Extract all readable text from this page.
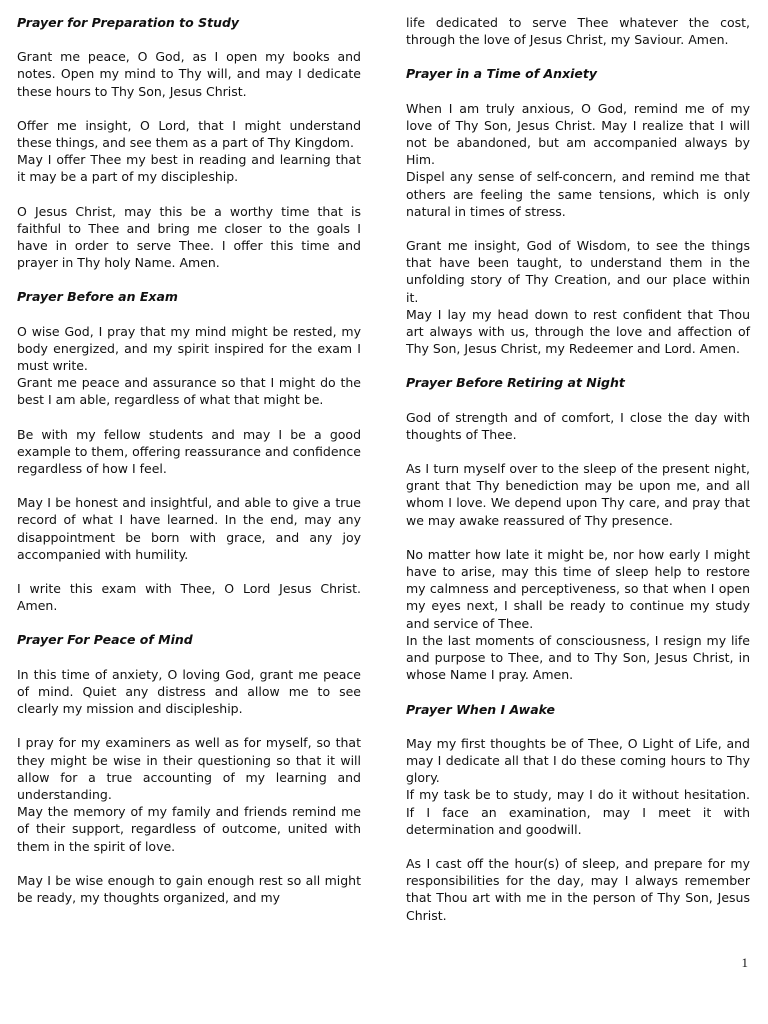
Prayer for Preparation to Study
Grant me peace, O God, as I open my books and notes. Open my mind to Thy will, and may I dedicate these hours to Thy Son, Jesus Christ.
Offer me insight, O Lord, that I might understand these things, and see them as a part of Thy Kingdom.
May I offer Thee my best in reading and learning that it may be a part of my discipleship.
O Jesus Christ, may this be a worthy time that is faithful to Thee and bring me closer to the goals I have in order to serve Thee. I offer this time and prayer in Thy holy Name. Amen.
Prayer Before an Exam
O wise God, I pray that my mind might be rested, my body energized, and my spirit inspired for the exam I must write.
Grant me peace and assurance so that I might do the best I am able, regardless of what that might be.
Be with my fellow students and may I be a good example to them, offering reassurance and confidence regardless of how I feel.
May I be honest and insightful, and able to give a true record of what I have learned. In the end, may any disappointment be born with grace, and any joy accompanied with humility.
I write this exam with Thee, O Lord Jesus Christ. Amen.
Prayer For Peace of Mind
In this time of anxiety, O loving God, grant me peace of mind. Quiet any distress and allow me to see clearly my mission and discipleship.
I pray for my examiners as well as for myself, so that they might be wise in their questioning so that it will allow for a true accounting of my learning and understanding.
May the memory of my family and friends remind me of their support, regardless of outcome, united with them in the spirit of love.
May I be wise enough to gain enough rest so all might be ready, my thoughts organized, and my
life dedicated to serve Thee whatever the cost, through the love of Jesus Christ, my Saviour. Amen.
Prayer in a Time of Anxiety
When I am truly anxious, O God, remind me of my love of Thy Son, Jesus Christ. May I realize that I will not be abandoned, but am accompanied always by Him.
Dispel any sense of self-concern, and remind me that others are feeling the same tensions, which is only natural in times of stress.
Grant me insight, God of Wisdom, to see the things that have been taught, to understand them in the unfolding story of Thy Creation, and our place within it.
May I lay my head down to rest confident that Thou art always with us, through the love and affection of Thy Son, Jesus Christ, my Redeemer and Lord. Amen.
Prayer Before Retiring at Night
God of strength and of comfort, I close the day with thoughts of Thee.
As I turn myself over to the sleep of the present night, grant that Thy benediction may be upon me, and all whom I love. We depend upon Thy care, and pray that we may awake reassured of Thy presence.
No matter how late it might be, nor how early I might have to arise, may this time of sleep help to restore my calmness and perceptiveness, so that when I open my eyes next, I shall be ready to continue my study and service of Thee.
In the last moments of consciousness, I resign my life and purpose to Thee, and to Thy Son, Jesus Christ, in whose Name I pray. Amen.
Prayer When I Awake
May my first thoughts be of Thee, O Light of Life, and may I dedicate all that I do these coming hours to Thy glory.
If my task be to study, may I do it without hesitation. If I face an examination, may I meet it with determination and goodwill.
As I cast off the hour(s) of sleep, and prepare for my responsibilities for the day, may I always remember that Thou art with me in the person of Thy Son, Jesus Christ.
1
